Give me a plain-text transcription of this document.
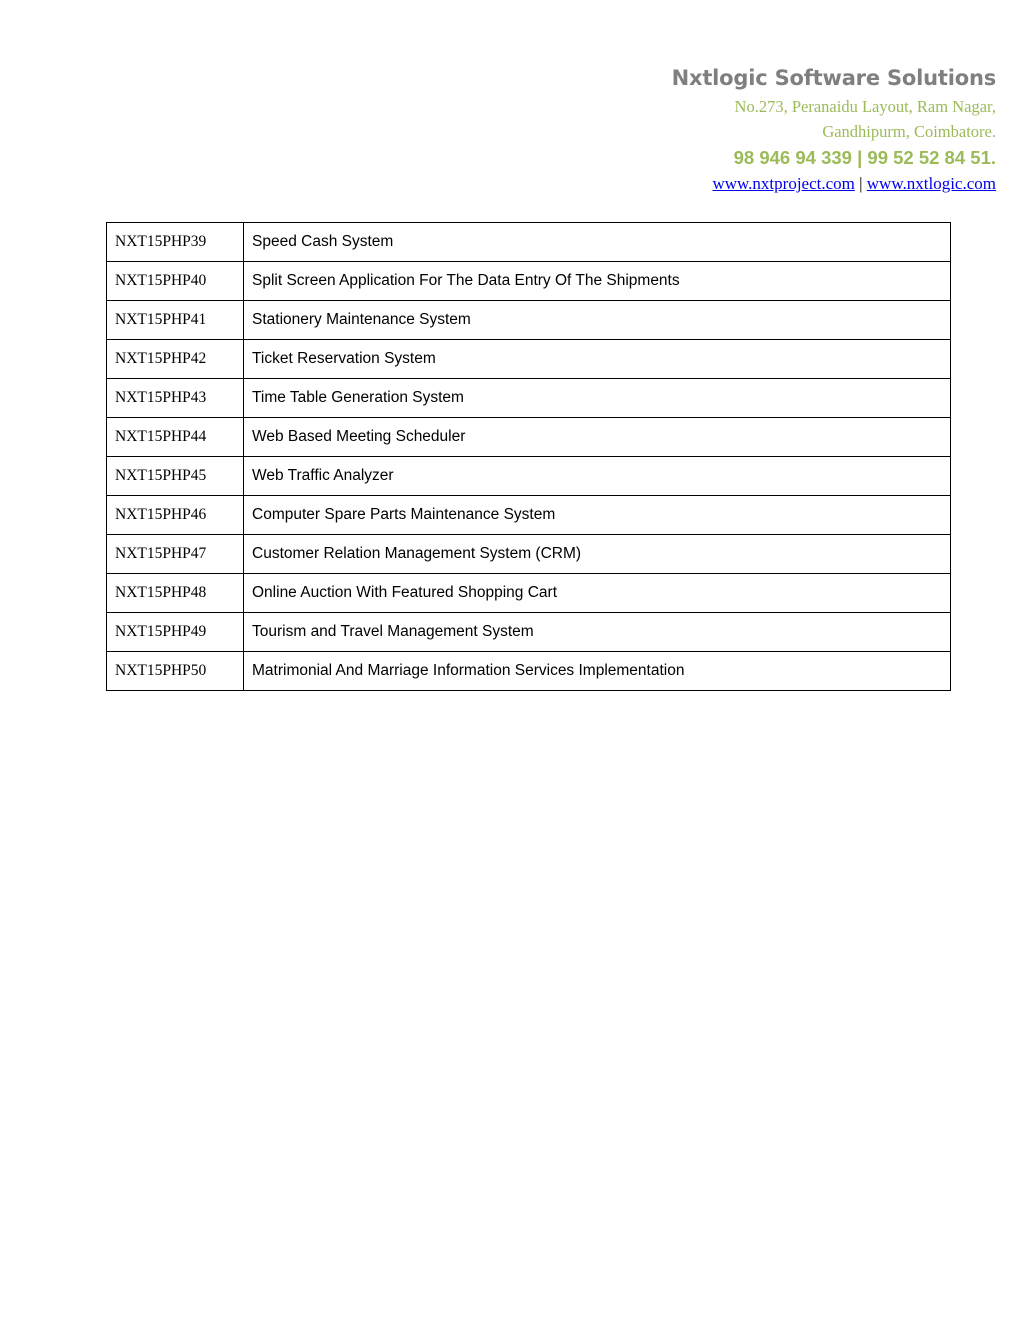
Nxtlogic Software Solutions
No.273, Peranaidu Layout, Ram Nagar,
Gandhipurm, Coimbatore.
98 946 94 339 | 99 52 52 84 51.
www.nxtproject.com | www.nxtlogic.com
NXT15PHP39	Speed Cash System
NXT15PHP40	Split Screen Application For The Data Entry Of The Shipments
NXT15PHP41	Stationery Maintenance System
NXT15PHP42	Ticket Reservation System
NXT15PHP43	Time Table Generation System
NXT15PHP44	Web Based Meeting Scheduler
NXT15PHP45	Web Traffic Analyzer
NXT15PHP46	Computer Spare Parts Maintenance System
NXT15PHP47	Customer Relation Management System (CRM)
NXT15PHP48	Online Auction With Featured Shopping Cart
NXT15PHP49	Tourism and Travel Management System
NXT15PHP50	Matrimonial And Marriage Information Services Implementation
